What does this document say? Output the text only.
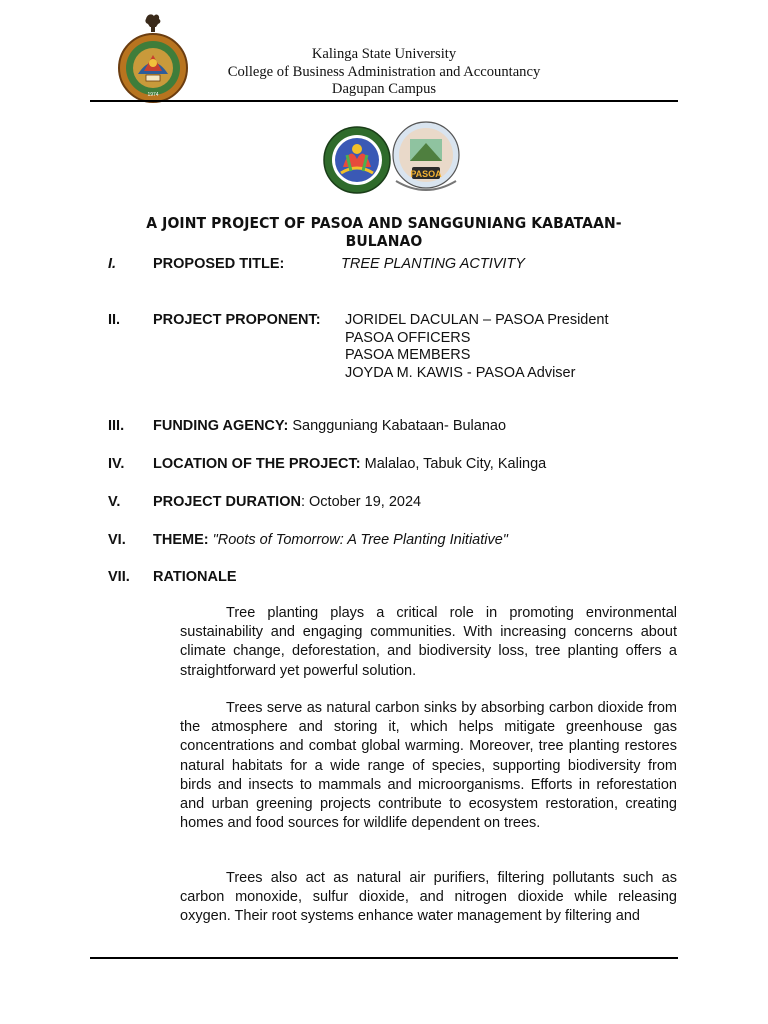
1974
Kalinga State University
College of Business Administration and Accountancy
Dagupan Campus
PASOA
A JOINT PROJECT OF PASOA AND SANGGUNIANG KABATAAN-BULANAO
I.	PROPOSED TITLE:	TREE PLANTING ACTIVITY
II. PROJECT PROPONENT: JORIDEL DACULAN – PASOA President
PASOA OFFICERS
PASOA MEMBERS
JOYDA M. KAWIS - PASOA Adviser
III. FUNDING AGENCY: Sangguniang Kabataan- Bulanao
IV. LOCATION OF THE PROJECT: Malalao, Tabuk City, Kalinga
V. PROJECT DURATION: October 19, 2024
VI. THEME: "Roots of Tomorrow: A Tree Planting Initiative"
VII. RATIONALE

Tree planting plays a critical role in promoting environmental sustainability and engaging communities. With increasing concerns about climate change, deforestation, and biodiversity loss, tree planting offers a straightforward yet powerful solution.

Trees serve as natural carbon sinks by absorbing carbon dioxide from the atmosphere and storing it, which helps mitigate greenhouse gas concentrations and combat global warming. Moreover, tree planting restores natural habitats for a wide range of species, supporting biodiversity from birds and insects to mammals and microorganisms. Efforts in reforestation and urban greening projects contribute to ecosystem restoration, creating homes and food sources for wildlife dependent on trees.

Trees also act as natural air purifiers, filtering pollutants such as carbon monoxide, sulfur dioxide, and nitrogen dioxide while releasing oxygen. Their root systems enhance water management by filtering and
